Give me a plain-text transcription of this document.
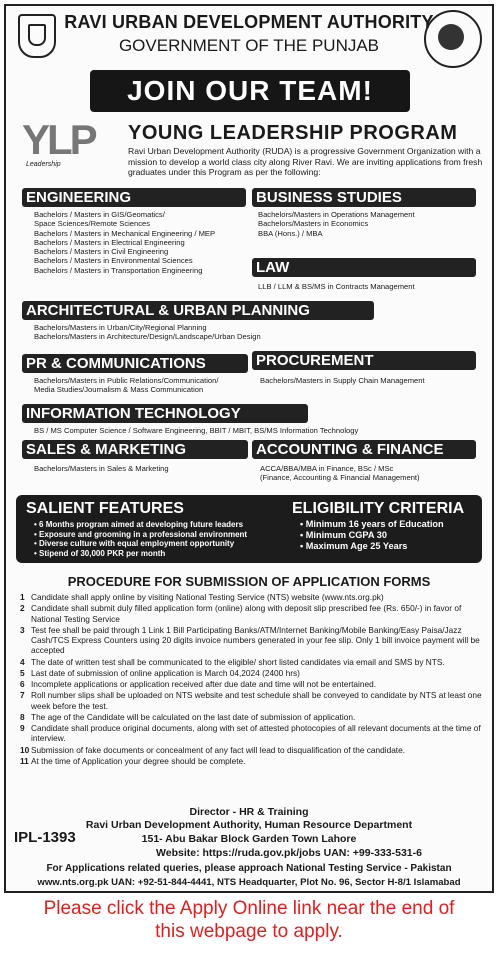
RAVI URBAN DEVELOPMENT AUTHORITY
GOVERNMENT OF THE PUNJAB
JOIN OUR TEAM!
YLP
Leadership
YOUNG LEADERSHIP PROGRAM
Ravi Urban Development Authority (RUDA) is a progressive Government Organization with a mission to develop a world class city along River Ravi. We are inviting applications from fresh graduates under this Program as per the following:
ENGINEERING
Bachelors / Masters in GIS/Geomatics/
Space Sciences/Remote Sciences
Bachelors / Masters in Mechanical Engineering / MEP
Bachelors / Masters in Electrical Engineering
Bachelors / Masters in Civil Engineering
Bachelors / Masters in Environmental Sciences
Bachelors / Masters in Transportation Engineering
BUSINESS STUDIES
Bachelors/Masters in Operations Management
Bachelors/Masters in Economics
BBA (Hons.) / MBA
LAW
LLB / LLM & BS/MS in Contracts Management
ARCHITECTURAL & URBAN PLANNING
Bachelors/Masters in Urban/City/Regional Planning
Bachelors/Masters in Architecture/Design/Landscape/Urban Design
PR & COMMUNICATIONS
Bachelors/Masters in Public Relations/Communication/
Media Studies/Journalism & Mass Communication
PROCUREMENT
Bachelors/Masters in Supply Chain Management
INFORMATION TECHNOLOGY
BS / MS Computer Science / Software Engineering, BBIT / MBIT, BS/MS Information Technology
SALES & MARKETING
Bachelors/Masters in Sales & Marketing
ACCOUNTING & FINANCE
ACCA/BBA/MBA in Finance, BSc / MSc
(Finance, Accounting & Financial Management)
SALIENT FEATURES
• 6 Months program aimed at developing future leaders
• Exposure and grooming in a professional environment
• Diverse culture with equal employment opportunity
• Stipend of 30,000 PKR per month
ELIGIBILITY CRITERIA
• Minimum 16 years of Education
• Minimum CGPA 30
• Maximum Age 25 Years
PROCEDURE FOR SUBMISSION OF APPLICATION FORMS
1 Candidate shall apply online by visiting National Testing Service (NTS) website (www.nts.org.pk)
2 Candidate shall submit duly filled application form (online) along with deposit slip prescribed fee (Rs. 650/-) in favor of National Testing Service
3 Test fee shall be paid through 1 Link 1 Bill Participating Banks/ATM/Internet Banking/Mobile Banking/Easy Paisa/Jazz Cash/TCS Express Counters using 20 digits invoice numbers generated in your fee slip. Only 1 bill invoice payment will be accepted
4 The date of written test shall be communicated to the eligible/ short listed candidates via email and SMS by NTS.
5 Last date of submission of online application is March 04,2024 (2400 hrs)
6 Incomplete applications or application received after due date and time will not be entertained.
7 Roll number slips shall be uploaded on NTS website and test schedule shall be conveyed to candidate by NTS at least one week before the test.
8 The age of the Candidate will be calculated on the last date of submission of application.
9 Candidate shall produce original documents, along with set of attested photocopies of all relevant documents at the time of interview.
10 Submission of fake documents or concealment of any fact will lead to disqualification of the candidate.
11 At the time of Application your degree should be complete.
Director - HR & Training
Ravi Urban Development Authority, Human Resource Department
151- Abu Bakar Block Garden Town Lahore
Website: https://ruda.gov.pk/jobs UAN: +99-333-531-6
IPL-1393
For Applications related queries, please approach National Testing Service - Pakistan
www.nts.org.pk UAN: +92-51-844-4441, NTS Headquarter, Plot No. 96, Sector H-8/1 Islamabad
Please click the Apply Online link near the end of
this webpage to apply.
